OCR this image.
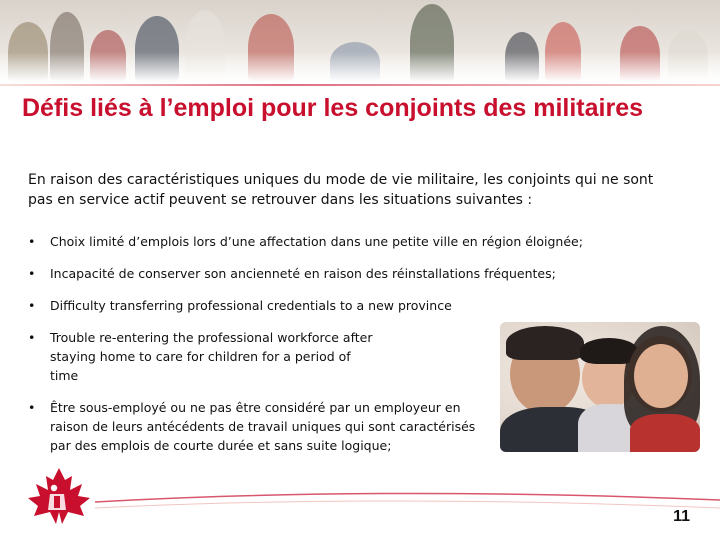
Défis liés à l’emploi pour les conjoints des militaires

En raison des caractéristiques uniques du mode de vie militaire, les conjoints qui ne sont pas en service actif peuvent se retrouver dans les situations suivantes :

• Choix limité d’emplois lors d’une affectation dans une petite ville en région éloignée;
• Incapacité de conserver son ancienneté en raison des réinstallations fréquentes;
• Difficulty transferring professional credentials to a new province
• Trouble re-entering the professional workforce after staying home to care for children for a period of time
• Être sous-employé ou ne pas être considéré par un employeur en raison de leurs antécédents de travail uniques qui sont caractérisés par des emplois de courte durée et sans suite logique;
11
